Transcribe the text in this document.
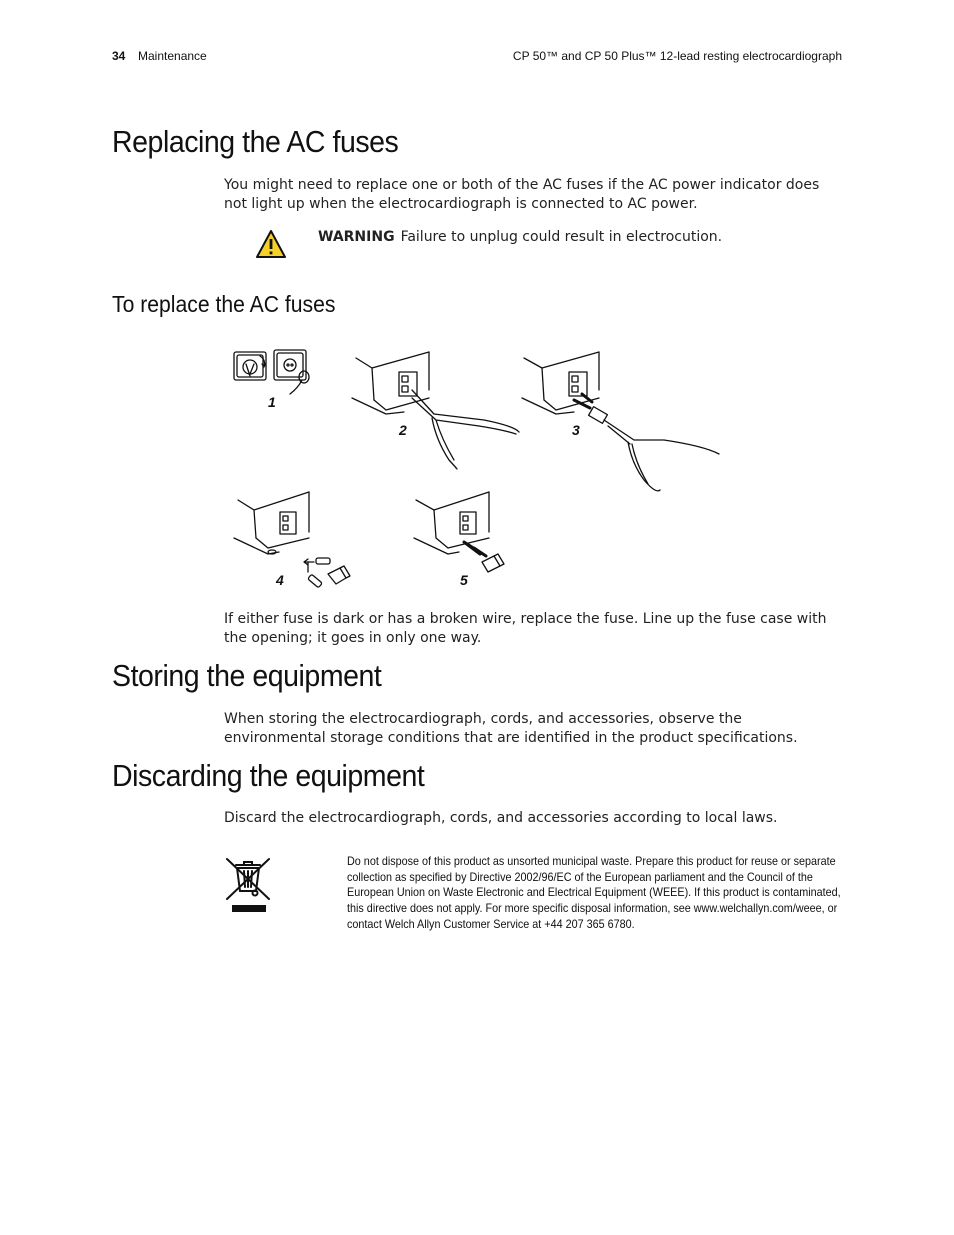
34 Maintenance	CP 50™ and CP 50 Plus™ 12-lead resting electrocardiograph
Replacing the AC fuses
You might need to replace one or both of the AC fuses if the AC power indicator does not light up when the electrocardiograph is connected to AC power.
WARNING Failure to unplug could result in electrocution.
To replace the AC fuses
1
2	3
4	5
If either fuse is dark or has a broken wire, replace the fuse. Line up the fuse case with the opening; it goes in only one way.
Storing the equipment
When storing the electrocardiograph, cords, and accessories, observe the environmental storage conditions that are identified in the product specifications.
Discarding the equipment
Discard the electrocardiograph, cords, and accessories according to local laws.
Do not dispose of this product as unsorted municipal waste. Prepare this product for reuse or separate collection as specified by Directive 2002/96/EC of the European parliament and the Council of the European Union on Waste Electronic and Electrical Equipment (WEEE). If this product is contaminated, this directive does not apply. For more specific disposal information, see www.welchallyn.com/weee, or contact Welch Allyn Customer Service at +44 207 365 6780.
